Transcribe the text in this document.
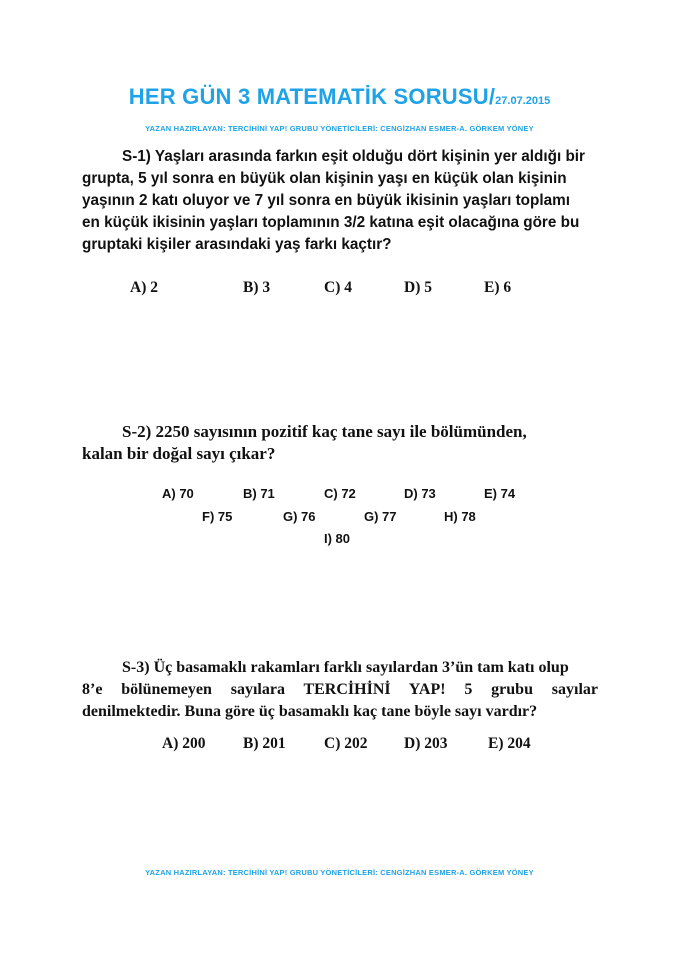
HER GÜN 3 MATEMATİK SORUSU/27.07.2015
YAZAN HAZIRLAYAN: TERCİHİNİ YAP! GRUBU YÖNETİCİLERİ: CENGİZHAN ESMER-A. GÖRKEM YÖNEY
S-1) Yaşları arasında farkın eşit olduğu dört kişinin yer aldığı bir
grupta, 5 yıl sonra en büyük olan kişinin yaşı en küçük olan kişinin
yaşının 2 katı oluyor ve 7 yıl sonra en büyük ikisinin yaşları toplamı
en küçük ikisinin yaşları toplamının 3/2 katına eşit olacağına göre bu
gruptaki kişiler arasındaki yaş farkı kaçtır?
A) 2	B) 3	C) 4	D) 5	E) 6
S-2) 2250 sayısının pozitif kaç tane sayı ile bölümünden,
kalan bir doğal sayı çıkar?
A) 70	B) 71	C) 72	D) 73	E) 74
F) 75	G) 76	G) 77	H) 78
I) 80
S-3) Üç basamaklı rakamları farklı sayılardan 3’ün tam katı olup
8’e bölünemeyen sayılara TERCİHİNİ YAP! 5 grubu sayılar
denilmektedir. Buna göre üç basamaklı kaç tane böyle sayı vardır?
A) 200 B) 201 C) 202 D) 203	E) 204
YAZAN HAZIRLAYAN: TERCİHİNİ YAP! GRUBU YÖNETİCİLERİ: CENGİZHAN ESMER-A. GÖRKEM YÖNEY
